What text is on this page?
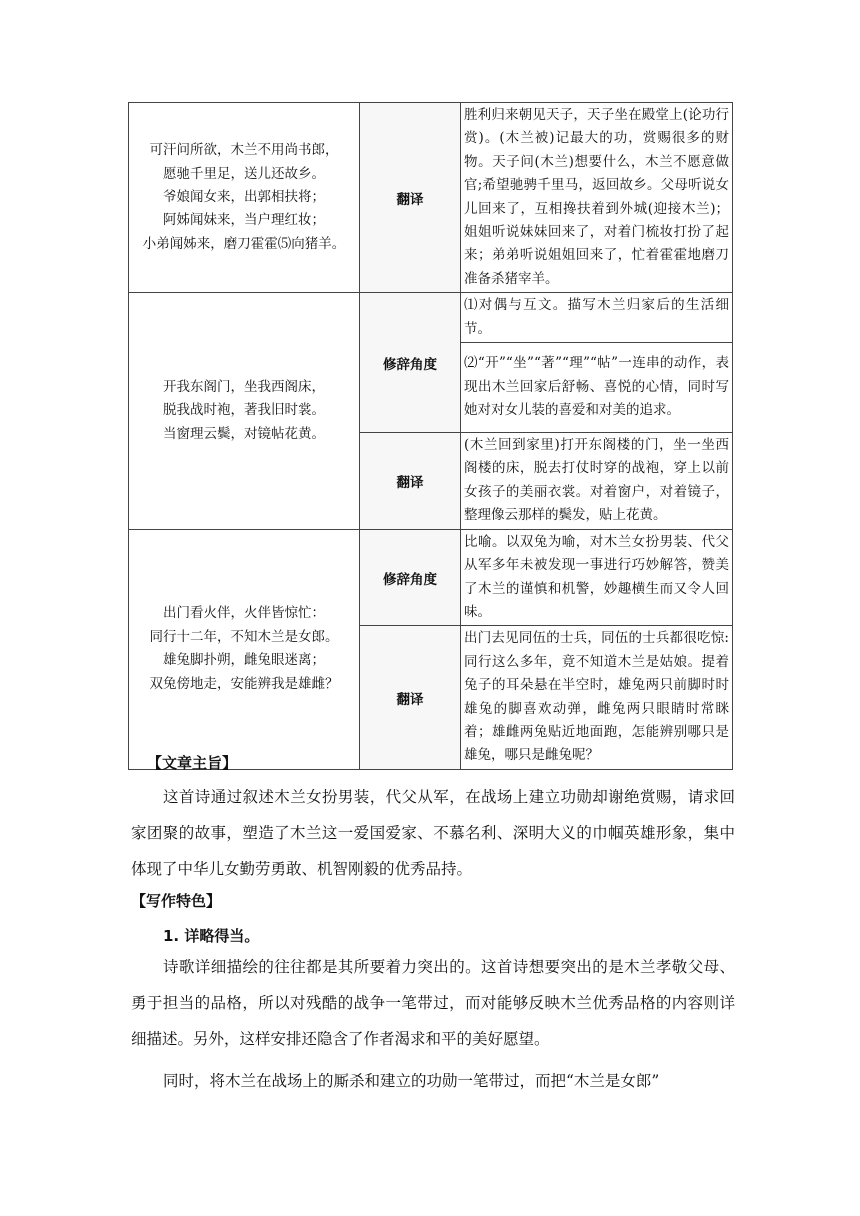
可汗问所欲，木兰不用尚书郎，
愿驰千里足，送儿还故乡。
爷娘闻女来，出郭相扶将；
阿姊闻妹来，当户理红妆；
小弟闻姊来，磨刀霍霍⑸向猪羊。	翻译	胜利归来朝见天子，天子坐在殿堂上(论功行赏)。(木兰被)记最大的功，赏赐很多的财物。天子问(木兰)想要什么，木兰不愿意做官;希望驰骋千里马，返回故乡。父母听说女儿回来了，互相搀扶着到外城(迎接木兰)；姐姐听说妹妹回来了，对着门梳妆打扮了起来；弟弟听说姐姐回来了，忙着霍霍地磨刀准备杀猪宰羊。

开我东阁门，坐我西阁床，
脱我战时袍，著我旧时裳。
当窗理云鬓，对镜帖花黄。	修辞角度	⑴对偶与互文。描写木兰归家后的生活细节。
		⑵“开”“坐”“著”“理”“帖”一连串的动作，表现出木兰回家后舒畅、喜悦的心情，同时写她对对女儿装的喜爱和对美的追求。
	翻译	(木兰回到家里)打开东阁楼的门，坐一坐西阁楼的床，脱去打仗时穿的战袍，穿上以前女孩子的美丽衣裳。对着窗户，对着镜子，整理像云那样的鬓发，贴上花黄。

出门看火伴，火伴皆惊忙：
同行十二年，不知木兰是女郎。
雄兔脚扑朔，雌兔眼迷离；
双兔傍地走，安能辨我是雄雌？	修辞角度	比喻。以双兔为喻，对木兰女扮男装、代父从军多年未被发现一事进行巧妙解答，赞美了木兰的谨慎和机警，妙趣横生而又令人回味。
	翻译	出门去见同伍的士兵，同伍的士兵都很吃惊:同行这么多年，竟不知道木兰是姑娘。提着兔子的耳朵悬在半空时，雄兔两只前脚时时雄兔的脚喜欢动弹，雌兔两只眼睛时常眯着；雄雌两兔贴近地面跑，怎能辨别哪只是雄兔，哪只是雌兔呢？
【文章主旨】
这首诗通过叙述木兰女扮男装，代父从军，在战场上建立功勋却谢绝赏赐，请求回家团聚的故事，塑造了木兰这一爱国爱家、不慕名利、深明大义的巾帼英雄形象，集中体现了中华儿女勤劳勇敢、机智刚毅的优秀品持。
【写作特色】
1. 详略得当。
诗歌详细描绘的往往都是其所要着力突出的。这首诗想要突出的是木兰孝敬父母、勇于担当的品格，所以对残酷的战争一笔带过，而对能够反映木兰优秀品格的内容则详细描述。另外，这样安排还隐含了作者渴求和平的美好愿望。
同时，将木兰在战场上的厮杀和建立的功勋一笔带过，而把“木兰是女郎”
